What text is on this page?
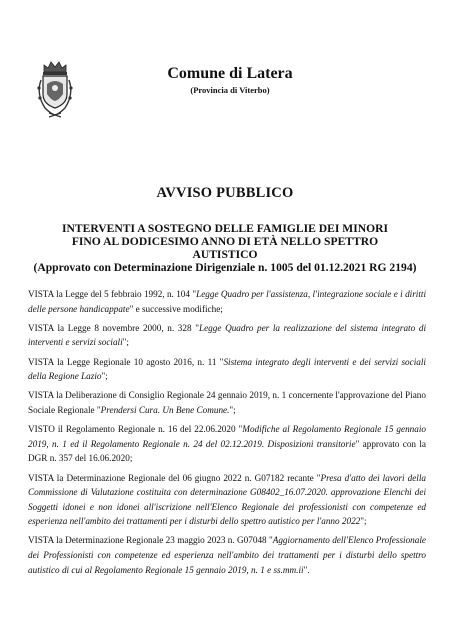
Comune di Latera
(Provincia di Viterbo)
AVVISO PUBBLICO
INTERVENTI A SOSTEGNO DELLE FAMIGLIE DEI MINORI
FINO AL DODICESIMO ANNO DI ETÀ NELLO SPETTRO
AUTISTICO
(Approvato con Determinazione Dirigenziale n. 1005 del 01.12.2021 RG 2194)

VISTA la Legge del 5 febbraio 1992, n. 104 "Legge Quadro per l'assistenza, l'integrazione sociale e i diritti delle persone handicappate" e successive modifiche;

VISTA la Legge 8 novembre 2000, n. 328 "Legge Quadro per la realizzazione del sistema integrato di interventi e servizi sociali";

VISTA la Legge Regionale 10 agosto 2016, n. 11 "Sistema integrato degli interventi e dei servizi sociali della Regione Lazio";

VISTA la Deliberazione di Consiglio Regionale 24 gennaio 2019, n. 1 concernente l'approvazione del Piano Sociale Regionale "Prendersi Cura. Un Bene Comune.";

VISTO il Regolamento Regionale n. 16 del 22.06.2020 "Modifiche al Regolamento Regionale 15 gennaio 2019, n. 1 ed il Regolamento Regionale n. 24 del 02.12.2019. Disposizioni transitorie" approvato con la DGR n. 357 del 16.06.2020;

VISTA la Determinazione Regionale del 06 giugno 2022 n. G07182 recante "Presa d'atto dei lavori della Commissione di Valutazione costituita con determinazione G08402_16.07.2020. approvazione Elenchi dei Soggetti idonei e non idonei all'iscrizione nell'Elenco Regionale dei professionisti con competenze ed esperienza nell'ambito dei trattamenti per i disturbi dello spettro autistico per l'anno 2022";

VISTA la Determinazione Regionale 23 maggio 2023 n. G07048 "Aggiornamento dell'Elenco Professionale dei Professionisti con competenze ed esperienza nell'ambito dei trattamenti per i disturbi dello spettro autistico di cui al Regolamento Regionale 15 gennaio 2019, n. 1 e ss.mm.ii".
